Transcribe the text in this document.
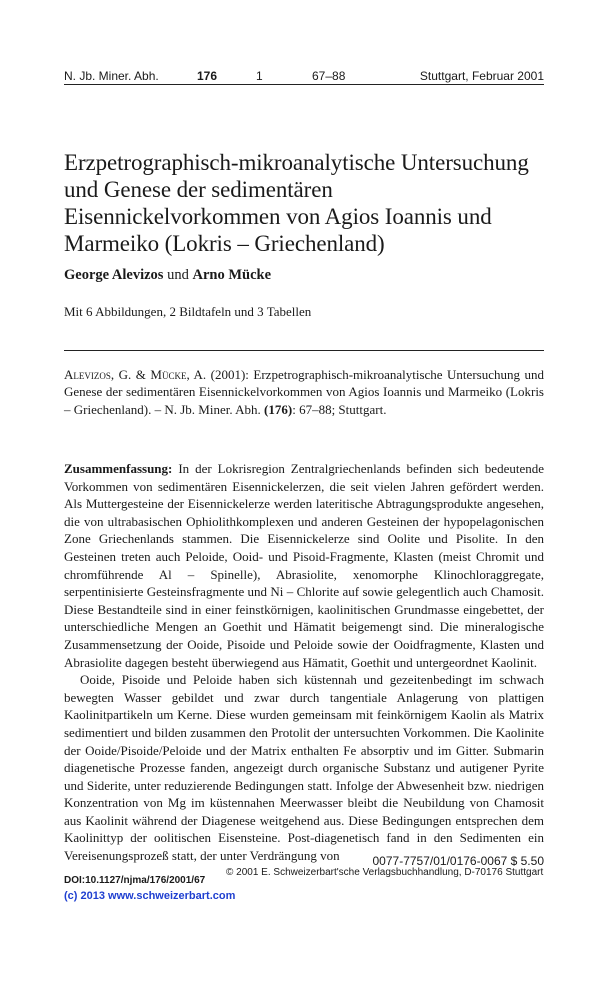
N. Jb. Miner. Abh.	176	1	67–88	Stuttgart, Februar 2001
Erzpetrographisch-mikroanalytische Untersuchung und Genese der sedimentären Eisennickelvorkommen von Agios Ioannis und Marmeiko (Lokris – Griechenland)
George Alevizos und Arno Mücke
Mit 6 Abbildungen, 2 Bildtafeln und 3 Tabellen
Alevizos, G. & Mücke, A. (2001): Erzpetrographisch-mikroanalytische Untersuchung und Genese der sedimentären Eisennickelvorkommen von Agios Ioannis und Marmeiko (Lokris – Griechenland). – N. Jb. Miner. Abh. (176): 67–88; Stuttgart.

Zusammenfassung: In der Lokrisregion Zentralgriechenlands befinden sich bedeutende Vorkommen von sedimentären Eisennickelerzen, die seit vielen Jahren gefördert werden. Als Muttergesteine der Eisennickelerze werden lateritische Abtragungsprodukte angesehen, die von ultrabasischen Ophiolithkomplexen und anderen Gesteinen der hypopelagonischen Zone Griechenlands stammen. Die Eisennickelerze sind Oolite und Pisolite. In den Gesteinen treten auch Peloide, Ooid- und Pisoid-Fragmente, Klasten (meist Chromit und chromführende Al – Spinelle), Abrasiolite, xenomorphe Klinochloraggregate, serpentinisierte Gesteinsfragmente und Ni – Chlorite auf sowie gelegentlich auch Chamosit. Diese Bestandteile sind in einer feinstkörnigen, kaolinitischen Grundmasse eingebettet, der unterschiedliche Mengen an Goethit und Hämatit beigemengt sind. Die mineralogische Zusammensetzung der Ooide, Pisoide und Peloide sowie der Ooidfragmente, Klasten und Abrasiolite dagegen besteht überwiegend aus Hämatit, Goethit und untergeordnet Kaolinit.

Ooide, Pisoide und Peloide haben sich küstennah und gezeitenbedingt im schwach bewegten Wasser gebildet und zwar durch tangentiale Anlagerung von plattigen Kaolinitpartikeln um Kerne. Diese wurden gemeinsam mit feinkörnigem Kaolin als Matrix sedimentiert und bilden zusammen den Protolit der untersuchten Vorkommen. Die Kaolinite der Ooide/Pisoide/Peloide und der Matrix enthalten Fe absorptiv und im Gitter. Submarin diagenetische Prozesse fanden, angezeigt durch organische Substanz und autigener Pyrite und Siderite, unter reduzierende Bedingungen statt. Infolge der Abwesenheit bzw. niedrigen Konzentration von Mg im küstennahen Meerwasser bleibt die Neubildung von Chamosit aus Kaolinit während der Diagenese weitgehend aus. Diese Bedingungen entsprechen dem Kaolinittyp der oolitischen Eisensteine. Post-diagenetisch fand in den Sedimenten ein Vereisenungsprozeß statt, der unter Verdrängung von	0077-7757/01/0176-0067 $ 5.50
DOI:10.1127/njma/176/2001/67
© 2001 E. Schweizerbart'sche Verlagsbuchhandlung, D-70176 Stuttgart
(c) 2013 www.schweizerbart.com
